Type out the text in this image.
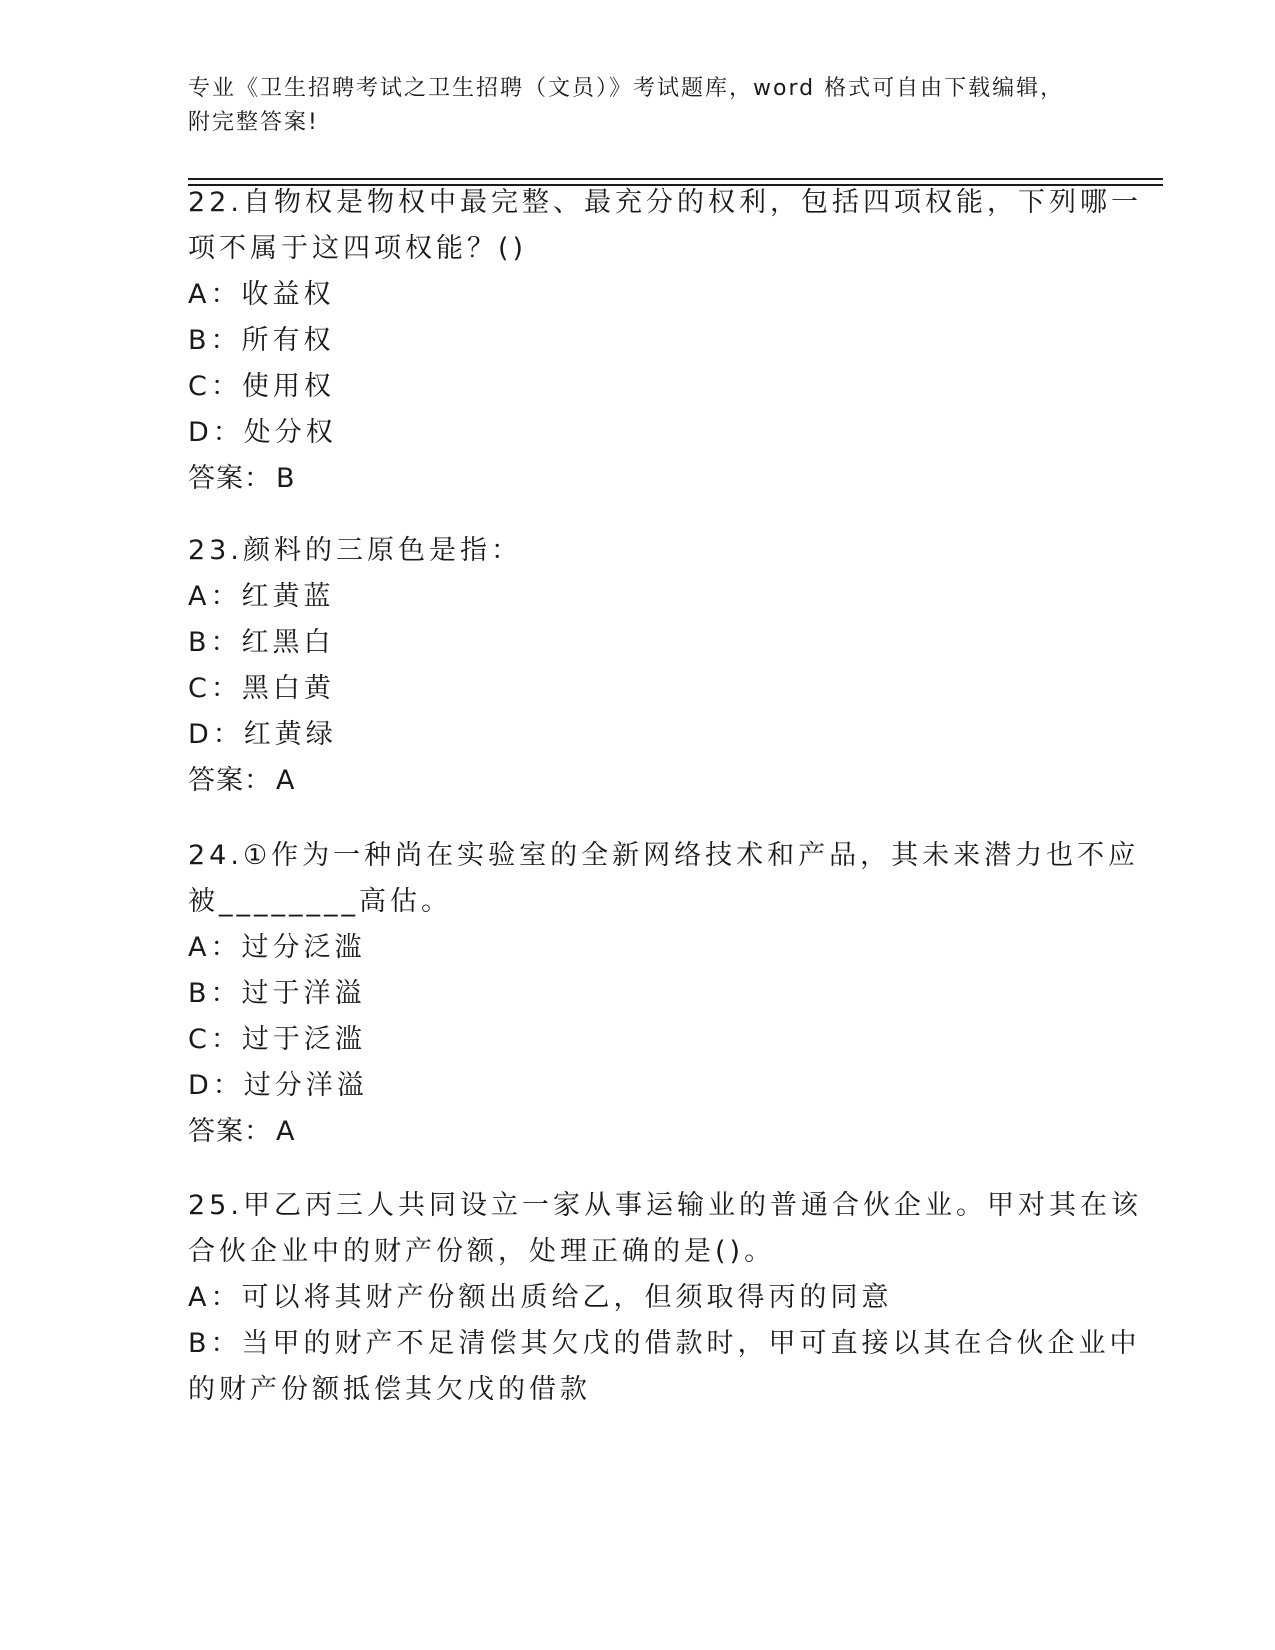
专业《卫生招聘考试之卫生招聘（文员）》考试题库，word 格式可自由下载编辑，附完整答案!
22.自物权是物权中最完整、最充分的权利，包括四项权能，下列哪一
项不属于这四项权能？()
A：收益权
B：所有权
C：使用权
D：处分权
答案： B
23.颜料的三原色是指：
A：红黄蓝
B：红黑白
C：黑白黄
D：红黄绿
答案： A
24.①作为一种尚在实验室的全新网络技术和产品，其未来潜力也不应
被________高估。
A：过分泛滥
B：过于洋溢
C：过于泛滥
D：过分洋溢
答案： A
25.甲乙丙三人共同设立一家从事运输业的普通合伙企业。甲对其在该
合伙企业中的财产份额，处理正确的是()。
A：可以将其财产份额出质给乙，但须取得丙的同意
B：当甲的财产不足清偿其欠戊的借款时，甲可直接以其在合伙企业中
的财产份额抵偿其欠戊的借款
